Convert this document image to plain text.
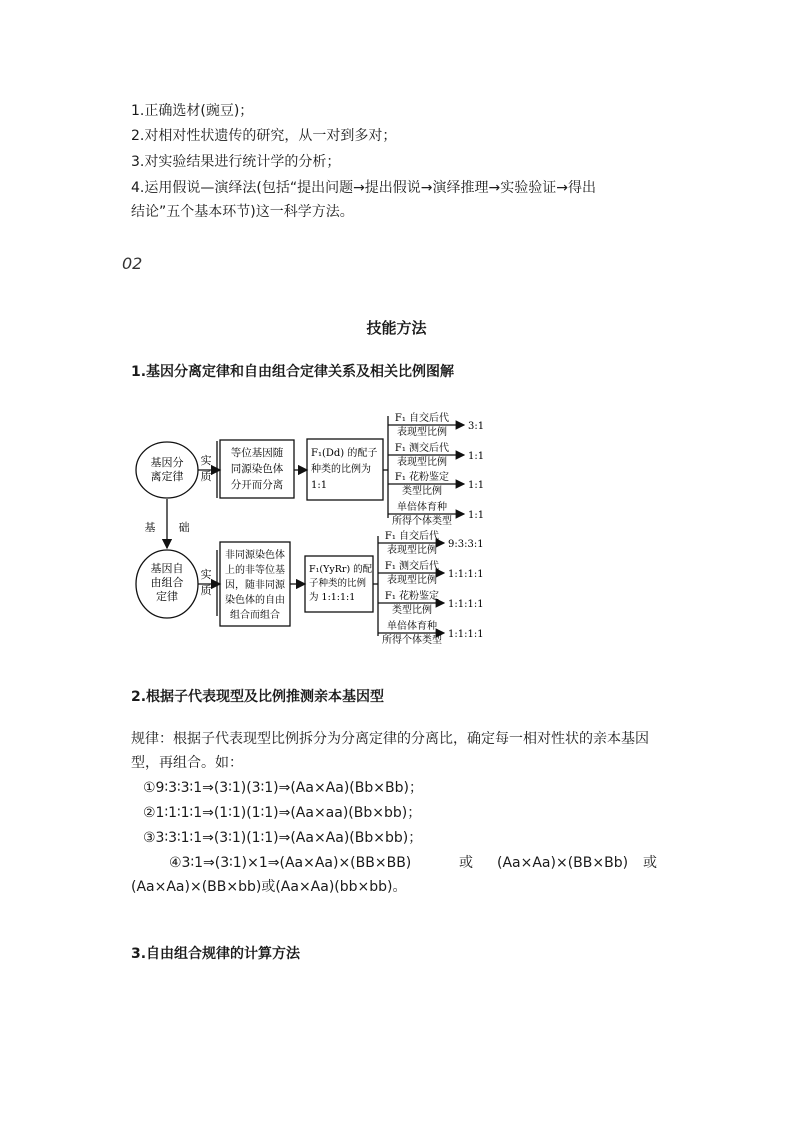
1.正确选材(豌豆)；
2.对相对性状遗传的研究，从一对到多对；
3.对实验结果进行统计学的分析；
4.运用假说—演绎法(包括“提出问题→提出假说→演绎推理→实验验证→得出
结论”五个基本环节)这一科学方法。
02
技能方法
1.基因分离定律和自由组合定律关系及相关比例图解
F₁ 自交后代
表现型比例
3:1
F₁ 测交后代
表现型比例
1:1
F₁ 花粉鉴定
类型比例
1:1
单倍体育种
所得个体类型
1:1
F₁ 自交后代
表现型比例
9:3:3:1
F₁ 测交后代
表现型比例
1:1:1:1
F₁ 花粉鉴定
类型比例
1:1:1:1
单倍体育种
所得个体类型
1:1:1:1
基因分
离定律
基因自
由组合
定律
实
质
实
质
基 础
等位基因随
同源染色体
分开而分离
F₁(Dd) 的配子
种类的比例为
1:1
非同源染色体
上的非等位基
因，随非同源
染色体的自由
组合而组合
F₁(YyRr) 的配
子种类的比例
为 1:1:1:1
2.根据子代表现型及比例推测亲本基因型
规律：根据子代表现型比例拆分为分离定律的分离比，确定每一相对性状的亲本基因型，再组合。如：
①9∶3∶3∶1⇒(3∶1)(3∶1)⇒(Aa×Aa)(Bb×Bb)；
②1∶1∶1∶1⇒(1∶1)(1∶1)⇒(Aa×aa)(Bb×bb)；
③3∶3∶1∶1⇒(3∶1)(1∶1)⇒(Aa×Aa)(Bb×bb)；
④3∶1⇒(3∶1)×1⇒(Aa×Aa)×(BB×BB)	或 (Aa×Aa)×(BB×Bb) 或
(Aa×Aa)×(BB×bb)或(Aa×Aa)(bb×bb)。
3.自由组合规律的计算方法
